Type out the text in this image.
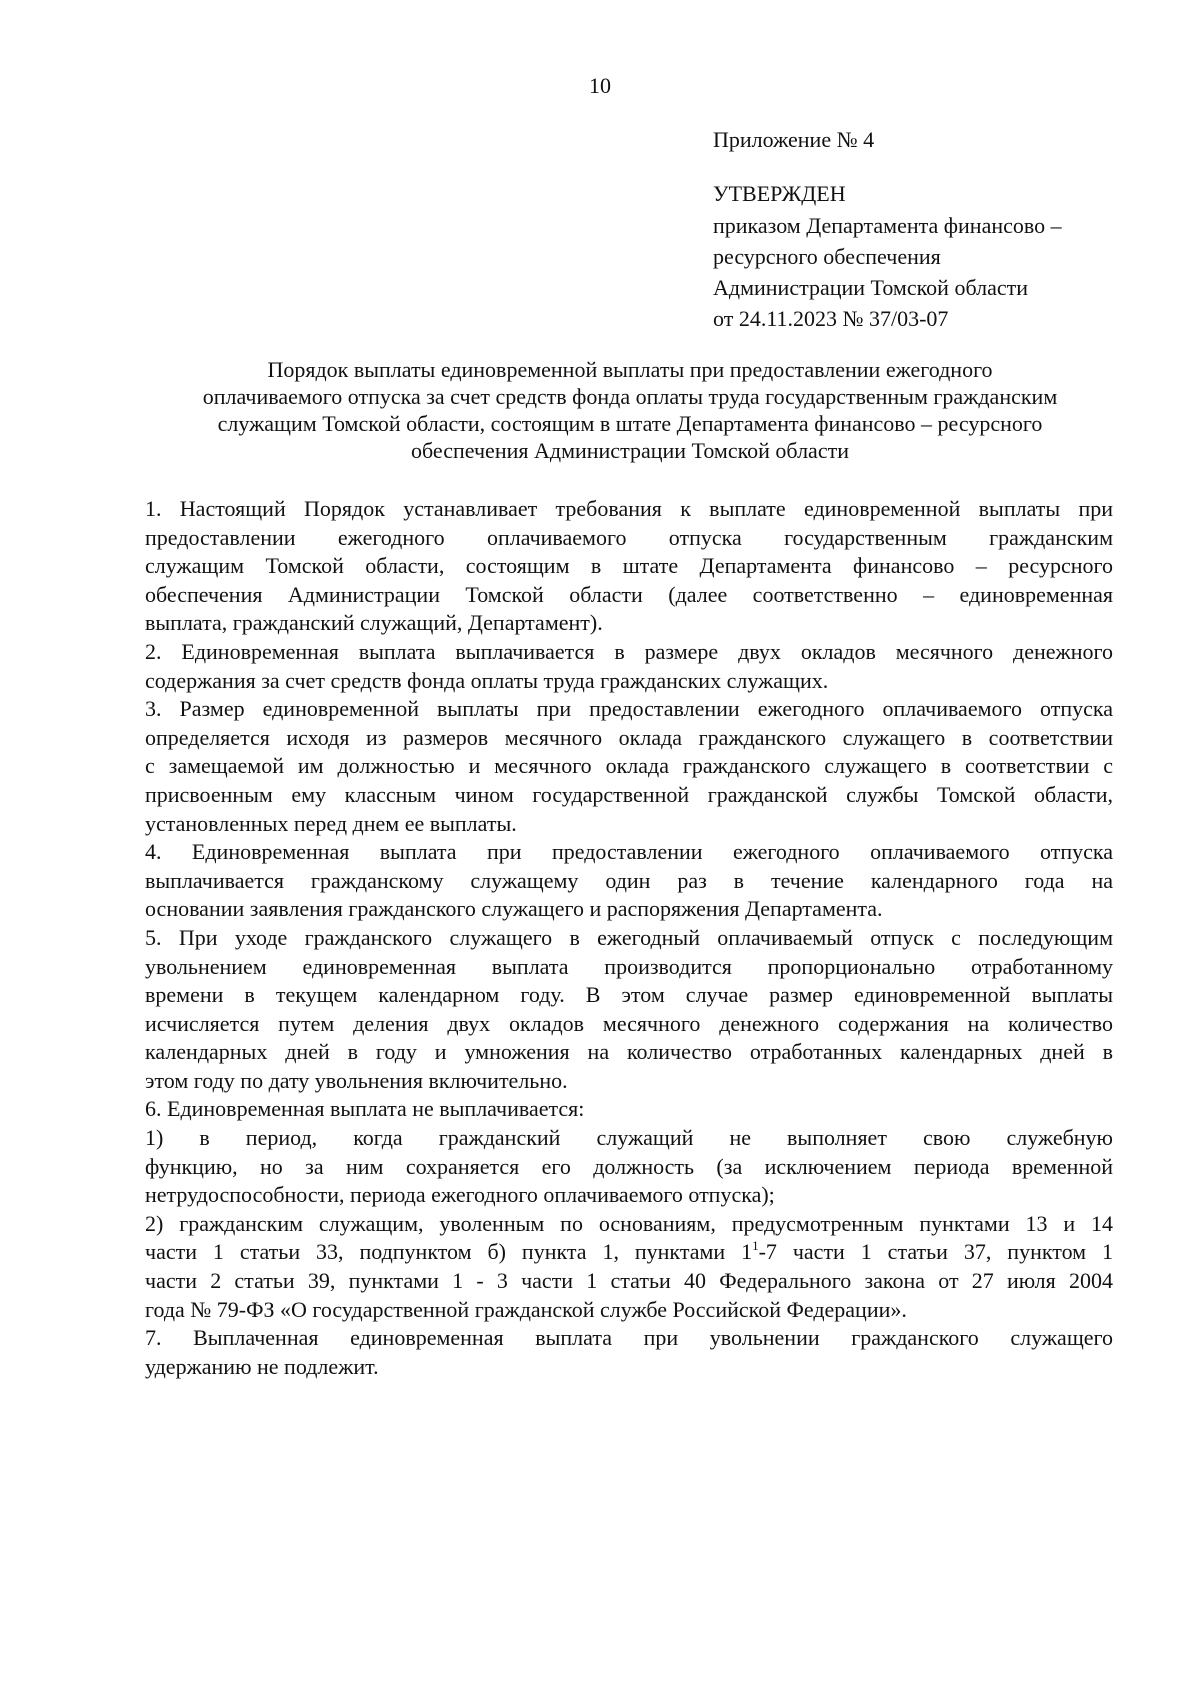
10
Приложение № 4
УТВЕРЖДЕН
приказом Департамента финансово –
ресурсного обеспечения
Администрации Томской области
от 24.11.2023 № 37/03-07
Порядок выплаты единовременной выплаты при предоставлении ежегодного
оплачиваемого отпуска за счет средств фонда оплаты труда государственным гражданским
служащим Томской области, состоящим в штате Департамента финансово – ресурсного
обеспечения Администрации Томской области
1. Настоящий Порядок устанавливает требования к выплате единовременной выплаты при
предоставлении ежегодного оплачиваемого отпуска государственным гражданским
служащим Томской области, состоящим в штате Департамента финансово – ресурсного
обеспечения Администрации Томской области (далее соответственно – единовременная
выплата, гражданский служащий, Департамент).
2. Единовременная выплата выплачивается в размере двух окладов месячного денежного
содержания за счет средств фонда оплаты труда гражданских служащих.
3. Размер единовременной выплаты при предоставлении ежегодного оплачиваемого отпуска
определяется исходя из размеров месячного оклада гражданского служащего в соответствии
с замещаемой им должностью и месячного оклада гражданского служащего в соответствии с
присвоенным ему классным чином государственной гражданской службы Томской области,
установленных перед днем ее выплаты.
4. Единовременная выплата при предоставлении ежегодного оплачиваемого отпуска
выплачивается гражданскому служащему один раз в течение календарного года на
основании заявления гражданского служащего и распоряжения Департамента.
5. При уходе гражданского служащего в ежегодный оплачиваемый отпуск с последующим
увольнением единовременная выплата производится пропорционально отработанному
времени в текущем календарном году. В этом случае размер единовременной выплаты
исчисляется путем деления двух окладов месячного денежного содержания на количество
календарных дней в году и умножения на количество отработанных календарных дней в
этом году по дату увольнения включительно.
6. Единовременная выплата не выплачивается:
1) в период, когда гражданский служащий не выполняет свою служебную
функцию, но за ним сохраняется его должность (за исключением периода временной
нетрудоспособности, периода ежегодного оплачиваемого отпуска);
2) гражданским служащим, уволенным по основаниям, предусмотренным пунктами 13 и 14
части 1 статьи 33, подпунктом б) пункта 1, пунктами $1^1-7$ части 1 статьи 37, пунктом 1
части 2 статьи 39, пунктами 1 - 3 части 1 статьи 40 Федерального закона от 27 июля 2004
года № 79-ФЗ «О государственной гражданской службе Российской Федерации».
7. Выплаченная единовременная выплата при увольнении гражданского служащего
удержанию не подлежит.
